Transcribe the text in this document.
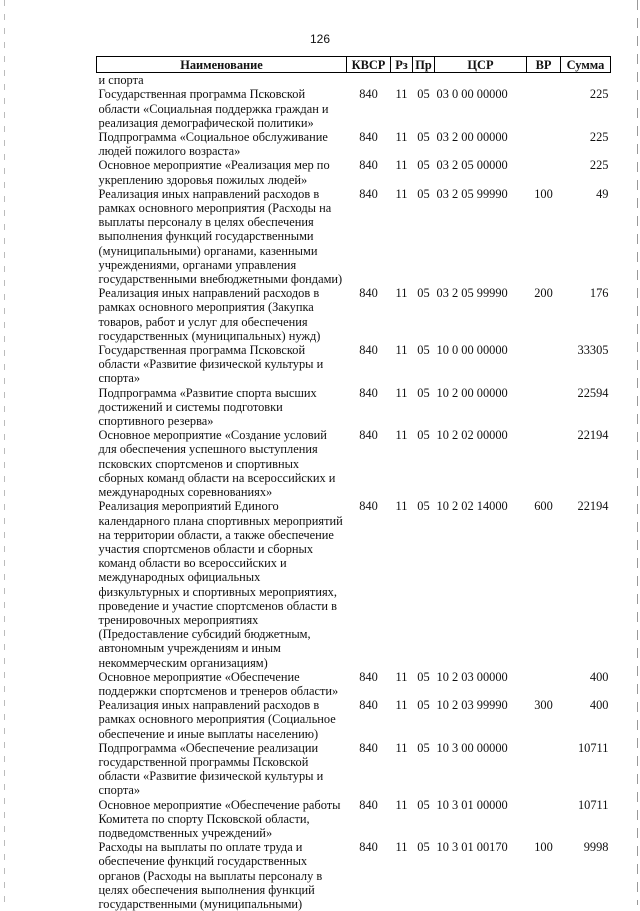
126
Наименование	КВСР	Рз	Пр	ЦСР	ВР	Сумма
и спорта						
Государственная программа Псковской области «Социальная поддержка граждан и реализация демографической политики»	840	11	05	03 0 00 00000		225
Подпрограмма «Социальное обслуживание людей пожилого возраста»	840	11	05	03 2 00 00000		225
Основное мероприятие «Реализация мер по укреплению здоровья пожилых людей»	840	11	05	03 2 05 00000		225
Реализация иных направлений расходов в рамках основного мероприятия (Расходы на выплаты персоналу в целях обеспечения выполнения функций государственными (муниципальными) органами, казенными учреждениями, органами управления государственными внебюджетными фондами)	840	11	05	03 2 05 99990	100	49
Реализация иных направлений расходов в рамках основного мероприятия (Закупка товаров, работ и услуг для обеспечения государственных (муниципальных) нужд)	840	11	05	03 2 05 99990	200	176
Государственная программа Псковской области «Развитие физической культуры и спорта»	840	11	05	10 0 00 00000		33305
Подпрограмма «Развитие спорта высших достижений и системы подготовки спортивного резерва»	840	11	05	10 2 00 00000		22594
Основное мероприятие «Создание условий для обеспечения успешного выступления псковских спортсменов и спортивных сборных команд области на всероссийских и международных соревнованиях»	840	11	05	10 2 02 00000		22194
Реализация мероприятий Единого календарного плана спортивных мероприятий на территории области, а также обеспечение участия спортсменов области и сборных команд области во всероссийских и международных официальных физкультурных и спортивных мероприятиях, проведение и участие спортсменов области в тренировочных мероприятиях (Предоставление субсидий бюджетным, автономным учреждениям и иным некоммерческим организациям)	840	11	05	10 2 02 14000	600	22194
Основное мероприятие «Обеспечение поддержки спортсменов и тренеров области»	840	11	05	10 2 03 00000		400
Реализация иных направлений расходов в рамках основного мероприятия (Социальное обеспечение и иные выплаты населению)	840	11	05	10 2 03 99990	300	400
Подпрограмма «Обеспечение реализации государственной программы Псковской области «Развитие физической культуры и спорта»	840	11	05	10 3 00 00000		10711
Основное мероприятие «Обеспечение работы Комитета по спорту Псковской области, подведомственных учреждений»	840	11	05	10 3 01 00000		10711
Расходы на выплаты по оплате труда и обеспечение функций государственных органов (Расходы на выплаты персоналу в целях обеспечения выполнения функций государственными (муниципальными)	840	11	05	10 3 01 00170	100	9998
